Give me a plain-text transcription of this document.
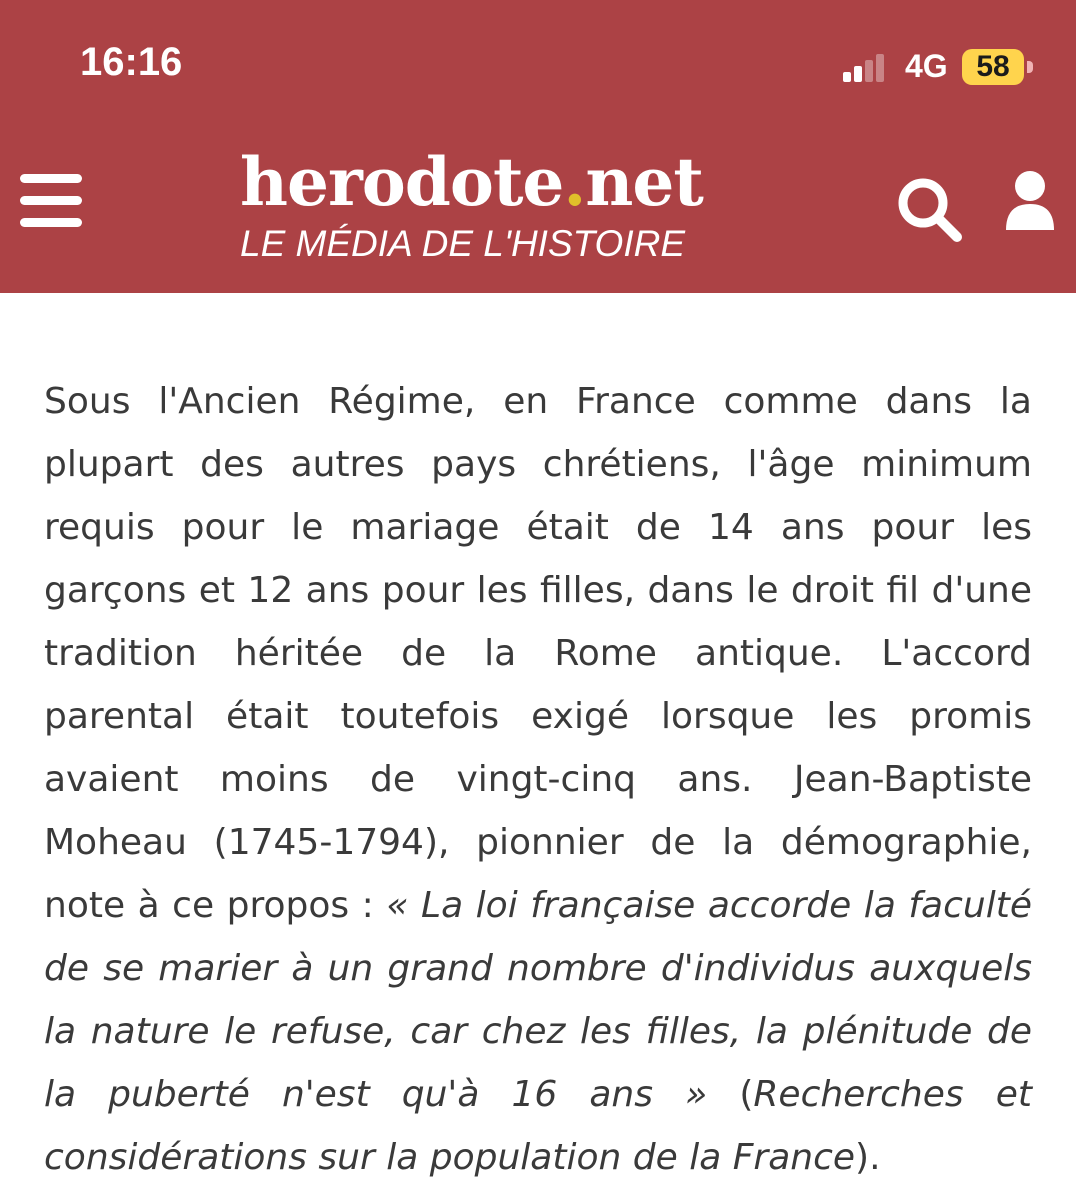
16:16	4G 58
herodote.net
LE MÉDIA DE L'HISTOIRE
Sous l'Ancien Régime, en France comme dans la plupart des autres pays chrétiens, l'âge minimum requis pour le mariage était de 14 ans pour les garçons et 12 ans pour les filles, dans le droit fil d'une tradition héritée de la Rome antique. L'accord parental était toutefois exigé lorsque les promis avaient moins de vingt-cinq ans. Jean-Baptiste Moheau (1745-1794), pionnier de la démographie, note à ce propos : « La loi française accorde la faculté de se marier à un grand nombre d'individus auxquels la nature le refuse, car chez les filles, la plénitude de la puberté n'est qu'à 16 ans » (Recherches et considérations sur la population de la France).
